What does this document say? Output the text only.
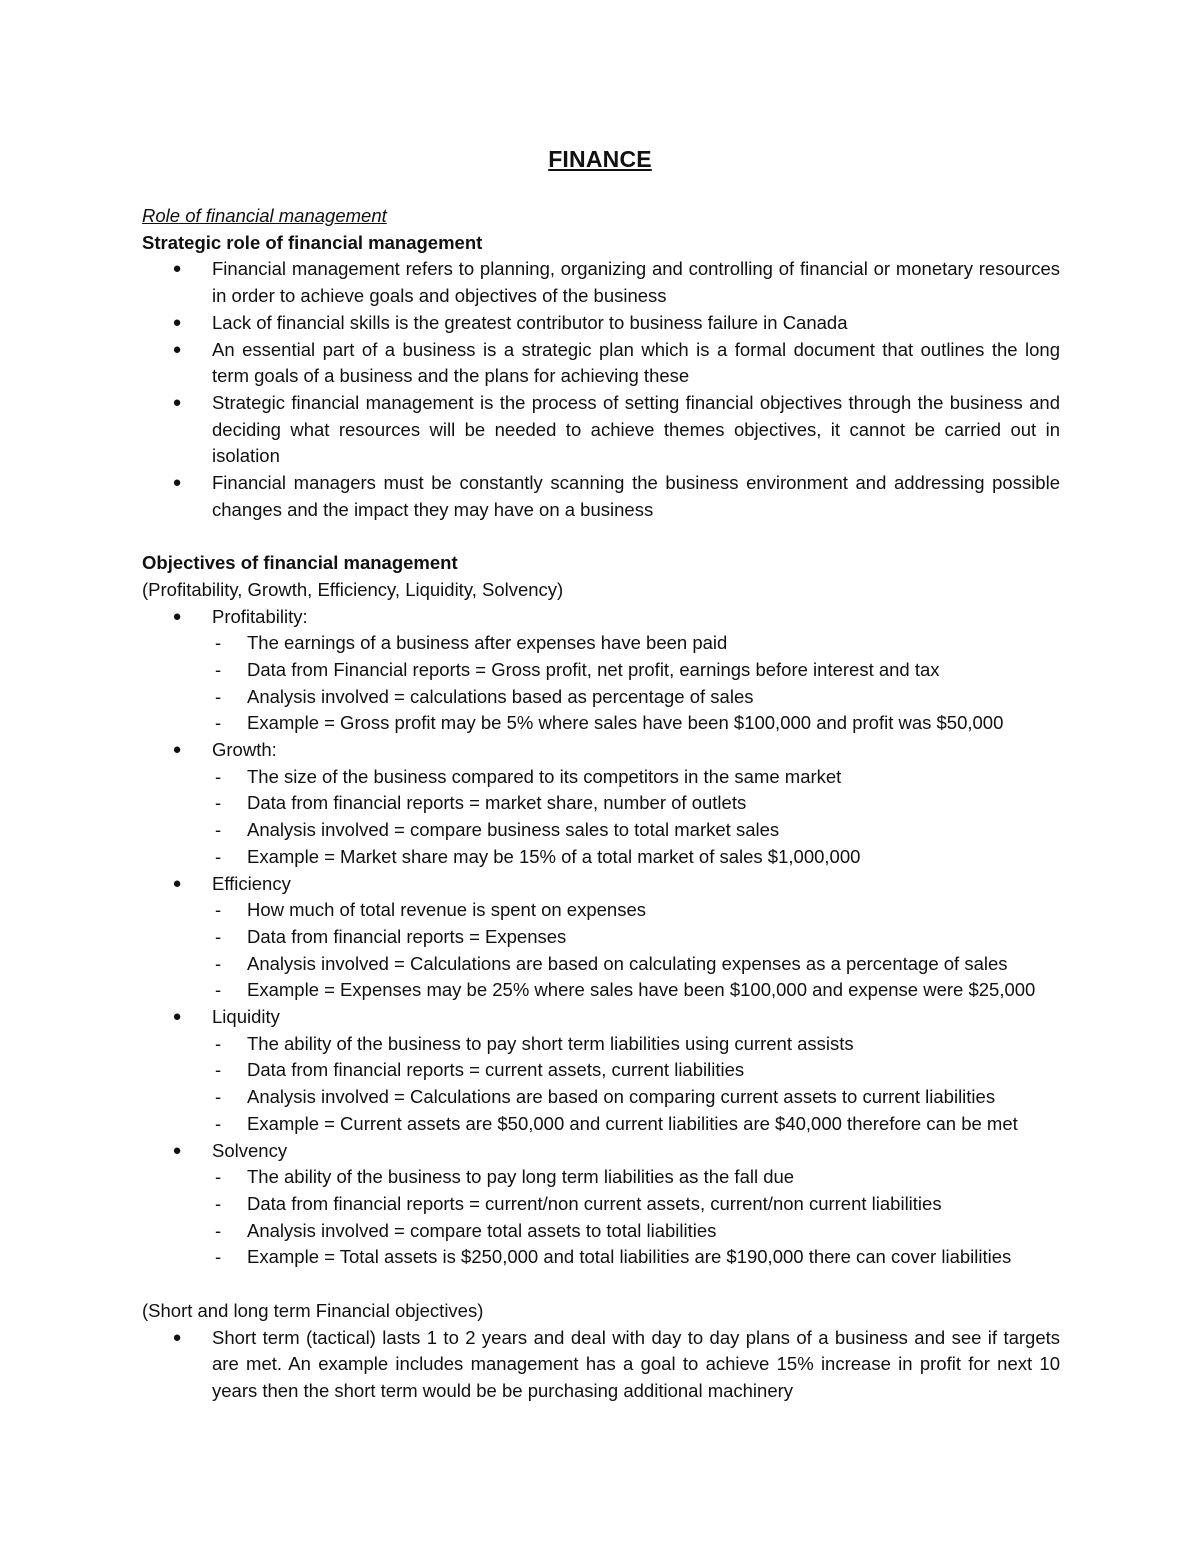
FINANCE

Role of financial management

Strategic role of financial management

● Financial management refers to planning, organizing and controlling of financial or monetary resources in order to achieve goals and objectives of the business
● Lack of financial skills is the greatest contributor to business failure in Canada
● An essential part of a business is a strategic plan which is a formal document that outlines the long term goals of a business and the plans for achieving these
● Strategic financial management is the process of setting financial objectives through the business and deciding what resources will be needed to achieve themes objectives, it cannot be carried out in isolation
● Financial managers must be constantly scanning the business environment and addressing possible changes and the impact they may have on a business

Objectives of financial management

(Profitability, Growth, Efficiency, Liquidity, Solvency)

● Profitability:
- The earnings of a business after expenses have been paid
- Data from Financial reports = Gross profit, net profit, earnings before interest and tax
- Analysis involved = calculations based as percentage of sales
- Example = Gross profit may be 5% where sales have been $100,000 and profit was $50,000
● Growth:
- The size of the business compared to its competitors in the same market
- Data from financial reports = market share, number of outlets
- Analysis involved = compare business sales to total market sales
- Example = Market share may be 15% of a total market of sales $1,000,000
● Efficiency
- How much of total revenue is spent on expenses
- Data from financial reports = Expenses
- Analysis involved = Calculations are based on calculating expenses as a percentage of sales
- Example = Expenses may be 25% where sales have been $100,000 and expense were $25,000
● Liquidity
- The ability of the business to pay short term liabilities using current assists
- Data from financial reports = current assets, current liabilities
- Analysis involved = Calculations are based on comparing current assets to current liabilities
- Example = Current assets are $50,000 and current liabilities are $40,000 therefore can be met
● Solvency
- The ability of the business to pay long term liabilities as the fall due
- Data from financial reports = current/non current assets, current/non current liabilities
- Analysis involved = compare total assets to total liabilities
- Example = Total assets is $250,000 and total liabilities are $190,000 there can cover liabilities

(Short and long term Financial objectives)

● Short term (tactical) lasts 1 to 2 years and deal with day to day plans of a business and see if targets are met. An example includes management has a goal to achieve 15% increase in profit for next 10 years then the short term would be be purchasing additional machinery
